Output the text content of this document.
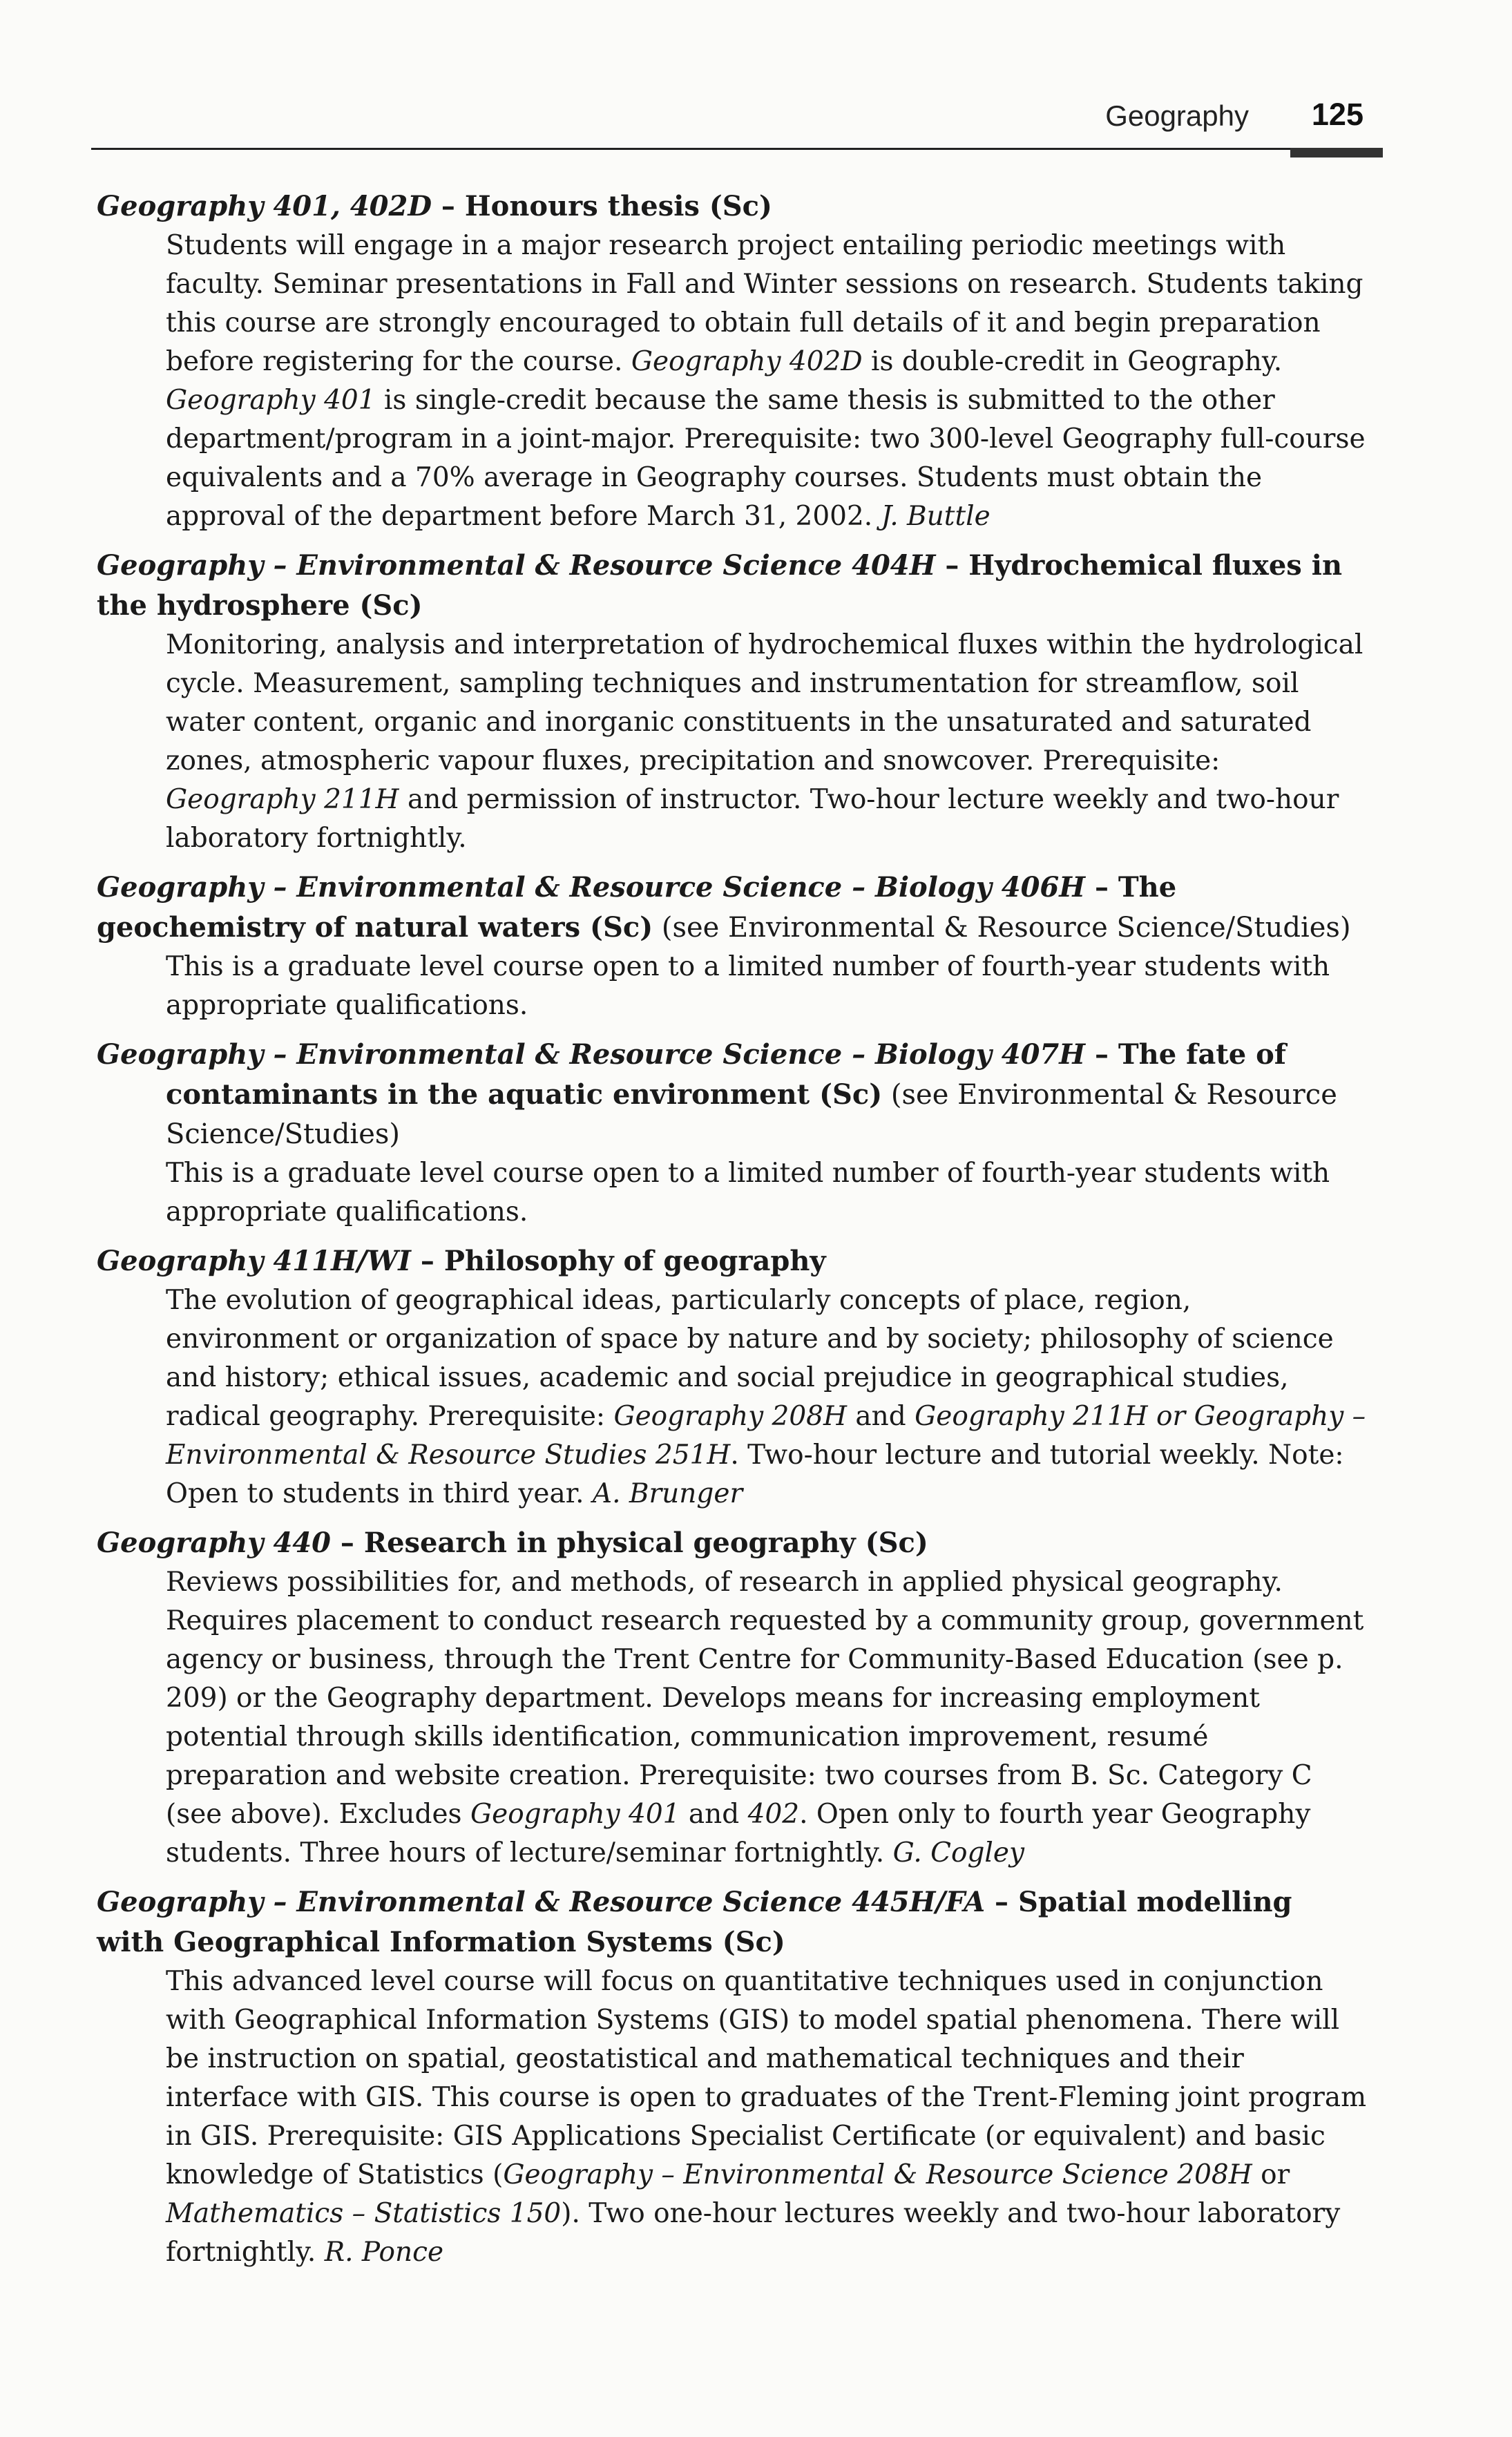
Geography 125

Geography 401, 402D – Honours thesis (Sc)

Students will engage in a major research project entailing periodic meetings with faculty. Seminar presentations in Fall and Winter sessions on research. Students taking this course are strongly encouraged to obtain full details of it and begin preparation before registering for the course. Geography 402D is double-credit in Geography. Geography 401 is single-credit because the same thesis is submitted to the other department/program in a joint-major. Prerequisite: two 300-level Geography full-course equivalents and a 70% average in Geography courses. Students must obtain the approval of the department before March 31, 2002. J. Buttle

Geography – Environmental & Resource Science 404H – Hydrochemical fluxes in the hydrosphere (Sc)

Monitoring, analysis and interpretation of hydrochemical fluxes within the hydrological cycle. Measurement, sampling techniques and instrumentation for streamflow, soil water content, organic and inorganic constituents in the unsaturated and saturated zones, atmospheric vapour fluxes, precipitation and snowcover. Prerequisite: Geography 211H and permission of instructor. Two-hour lecture weekly and two-hour laboratory fortnightly.

Geography – Environmental & Resource Science – Biology 406H – The geochemistry of natural waters (Sc) (see Environmental & Resource Science/Studies)

This is a graduate level course open to a limited number of fourth-year students with appropriate qualifications.

Geography – Environmental & Resource Science – Biology 407H – The fate of contaminants in the aquatic environment (Sc) (see Environmental & Resource Science/Studies)

This is a graduate level course open to a limited number of fourth-year students with appropriate qualifications.

Geography 411H/WI – Philosophy of geography

The evolution of geographical ideas, particularly concepts of place, region, environment or organization of space by nature and by society; philosophy of science and history; ethical issues, academic and social prejudice in geographical studies, radical geography. Prerequisite: Geography 208H and Geography 211H or Geography – Environmental & Resource Studies 251H. Two-hour lecture and tutorial weekly. Note: Open to students in third year. A. Brunger

Geography 440 – Research in physical geography (Sc)

Reviews possibilities for, and methods, of research in applied physical geography. Requires placement to conduct research requested by a community group, government agency or business, through the Trent Centre for Community-Based Education (see p. 209) or the Geography department. Develops means for increasing employment potential through skills identification, communication improvement, resumé preparation and website creation. Prerequisite: two courses from B. Sc. Category C (see above). Excludes Geography 401 and 402. Open only to fourth year Geography students. Three hours of lecture/seminar fortnightly. G. Cogley

Geography – Environmental & Resource Science 445H/FA – Spatial modelling with Geographical Information Systems (Sc)

This advanced level course will focus on quantitative techniques used in conjunction with Geographical Information Systems (GIS) to model spatial phenomena. There will be instruction on spatial, geostatistical and mathematical techniques and their interface with GIS. This course is open to graduates of the Trent-Fleming joint program in GIS. Prerequisite: GIS Applications Specialist Certificate (or equivalent) and basic knowledge of Statistics (Geography – Environmental & Resource Science 208H or Mathematics – Statistics 150). Two one-hour lectures weekly and two-hour laboratory fortnightly. R. Ponce
